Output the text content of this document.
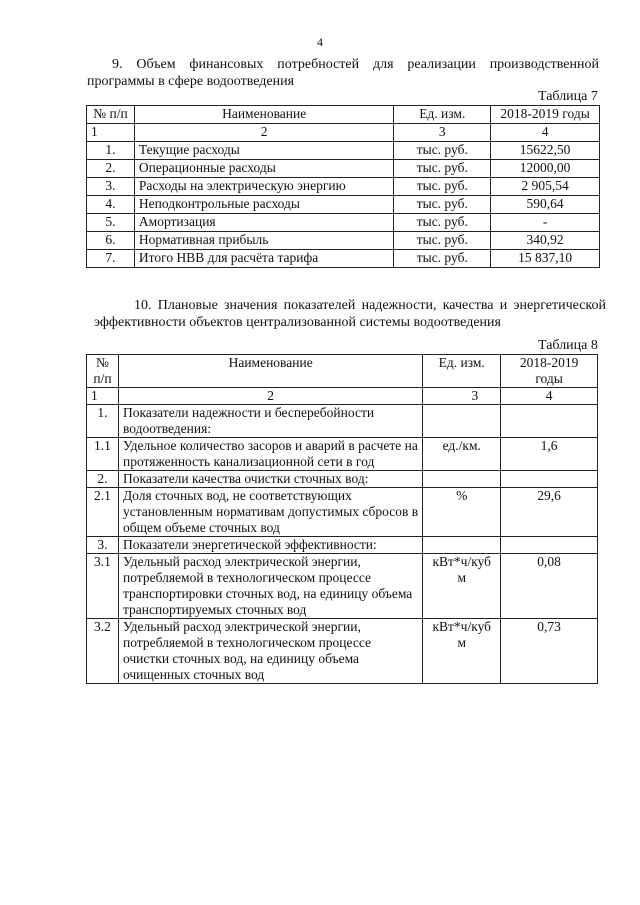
4
9. Объем финансовых потребностей для реализации производственной
программы в сфере водоотведения
Таблица 7
№ п/п	Наименование	Ед. изм.	2018-2019 годы
1	2	3	4
1.	Текущие расходы	тыс. руб.	15622,50
2.	Операционные расходы	тыс. руб.	12000,00
3.	Расходы на электрическую энергию	тыс. руб.	2 905,54
4.	Неподконтрольные расходы	тыс. руб.	590,64
5.	Амортизация	тыс. руб.	-
6.	Нормативная прибыль	тыс. руб.	340,92
7.	Итого НВВ для расчёта тарифа	тыс. руб.	15 837,10
10. Плановые значения показателей надежности, качества и энергетической эффективности объектов централизованной системы водоотведения
Таблица 8
№ п/п	Наименование	Ед. изм.	2018-2019 годы
1	2	3	4
1.	Показатели надежности и бесперебойности водоотведения:		
1.1	Удельное количество засоров и аварий в расчете на протяженность канализационной сети в год	ед./км.	1,6
2.	Показатели качества очистки сточных вод:		
2.1	Доля сточных вод, не соответствующих установленным нормативам допустимых сбросов в общем объеме сточных вод	%	29,6
3.	Показатели энергетической эффективности:		
3.1	Удельный расход электрической энергии, потребляемой в технологическом процессе транспортировки сточных вод, на единицу объема транспортируемых сточных вод	кВт*ч/куб м	0,08
3.2	Удельный расход электрической энергии, потребляемой в технологическом процессе очистки сточных вод, на единицу объема очищенных сточных вод	кВт*ч/куб м	0,73
